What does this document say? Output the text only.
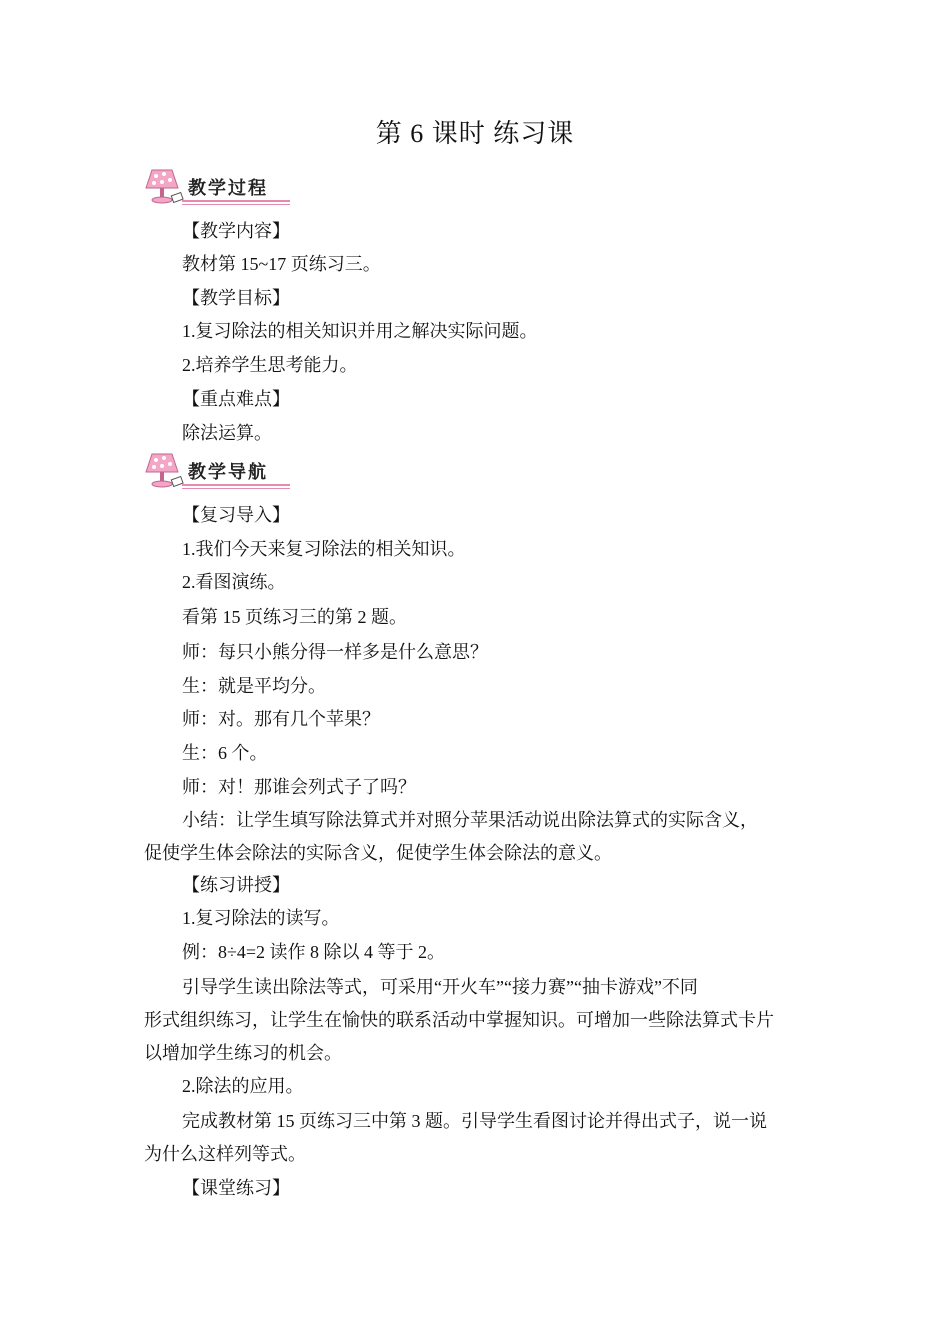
第 6 课时 练习课
教学过程
【教学内容】
教材第 15~17 页练习三。
【教学目标】
1.复习除法的相关知识并用之解决实际问题。
2.培养学生思考能力。
【重点难点】
除法运算。
教学导航
【复习导入】
1.我们今天来复习除法的相关知识。
2.看图演练。
看第 15 页练习三的第 2 题。
师：每只小熊分得一样多是什么意思？
生：就是平均分。
师：对。那有几个苹果？
生：6 个。
师：对！那谁会列式子了吗？
小结：让学生填写除法算式并对照分苹果活动说出除法算式的实际含义，
促使学生体会除法的实际含义，促使学生体会除法的意义。
【练习讲授】
1.复习除法的读写。
例：8÷4=2 读作 8 除以 4 等于 2。
引导学生读出除法等式，可采用“开火车”“接力赛”“抽卡游戏”不同
形式组织练习，让学生在愉快的联系活动中掌握知识。可增加一些除法算式卡片
以增加学生练习的机会。
2.除法的应用。
完成教材第 15 页练习三中第 3 题。引导学生看图讨论并得出式子，说一说
为什么这样列等式。
【课堂练习】
